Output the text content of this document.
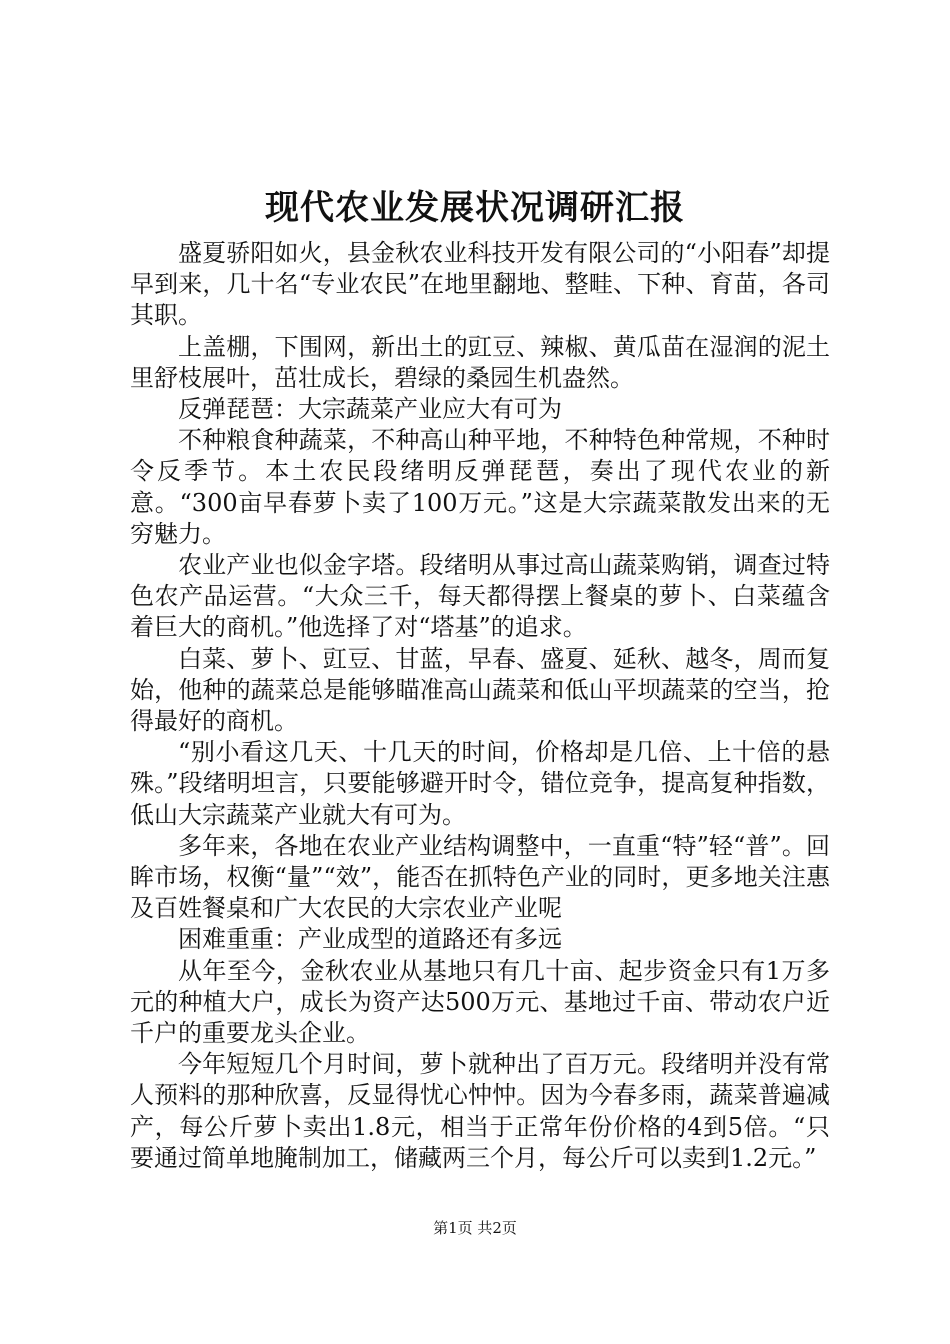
现代农业发展状况调研汇报

盛夏骄阳如火，县金秋农业科技开发有限公司的“小阳春”却提早到来，几十名“专业农民”在地里翻地、整畦、下种、育苗，各司其职。

上盖棚，下围网，新出土的豇豆、辣椒、黄瓜苗在湿润的泥土里舒枝展叶，茁壮成长，碧绿的桑园生机盎然。

反弹琵琶：大宗蔬菜产业应大有可为

不种粮食种蔬菜，不种高山种平地，不种特色种常规，不种时令反季节。本土农民段绪明反弹琵琶，奏出了现代农业的新意。“300亩早春萝卜卖了100万元。”这是大宗蔬菜散发出来的无穷魅力。

农业产业也似金字塔。段绪明从事过高山蔬菜购销，调查过特色农产品运营。“大众三千，每天都得摆上餐桌的萝卜、白菜蕴含着巨大的商机。”他选择了对“塔基”的追求。

白菜、萝卜、豇豆、甘蓝，早春、盛夏、延秋、越冬，周而复始，他种的蔬菜总是能够瞄准高山蔬菜和低山平坝蔬菜的空当，抢得最好的商机。

“别小看这几天、十几天的时间，价格却是几倍、上十倍的悬殊。”段绪明坦言，只要能够避开时令，错位竞争，提高复种指数，低山大宗蔬菜产业就大有可为。

多年来，各地在农业产业结构调整中，一直重“特”轻“普”。回眸市场，权衡“量”“效”，能否在抓特色产业的同时，更多地关注惠及百姓餐桌和广大农民的大宗农业产业呢

困难重重：产业成型的道路还有多远

从年至今，金秋农业从基地只有几十亩、起步资金只有1万多元的种植大户，成长为资产达500万元、基地过千亩、带动农户近千户的重要龙头企业。

今年短短几个月时间，萝卜就种出了百万元。段绪明并没有常人预料的那种欣喜，反显得忧心忡忡。因为今春多雨，蔬菜普遍减产，每公斤萝卜卖出1.8元，相当于正常年份价格的4到5倍。“只要通过简单地腌制加工，储藏两三个月，每公斤可以卖到1.2元。”

第1页 共2页
